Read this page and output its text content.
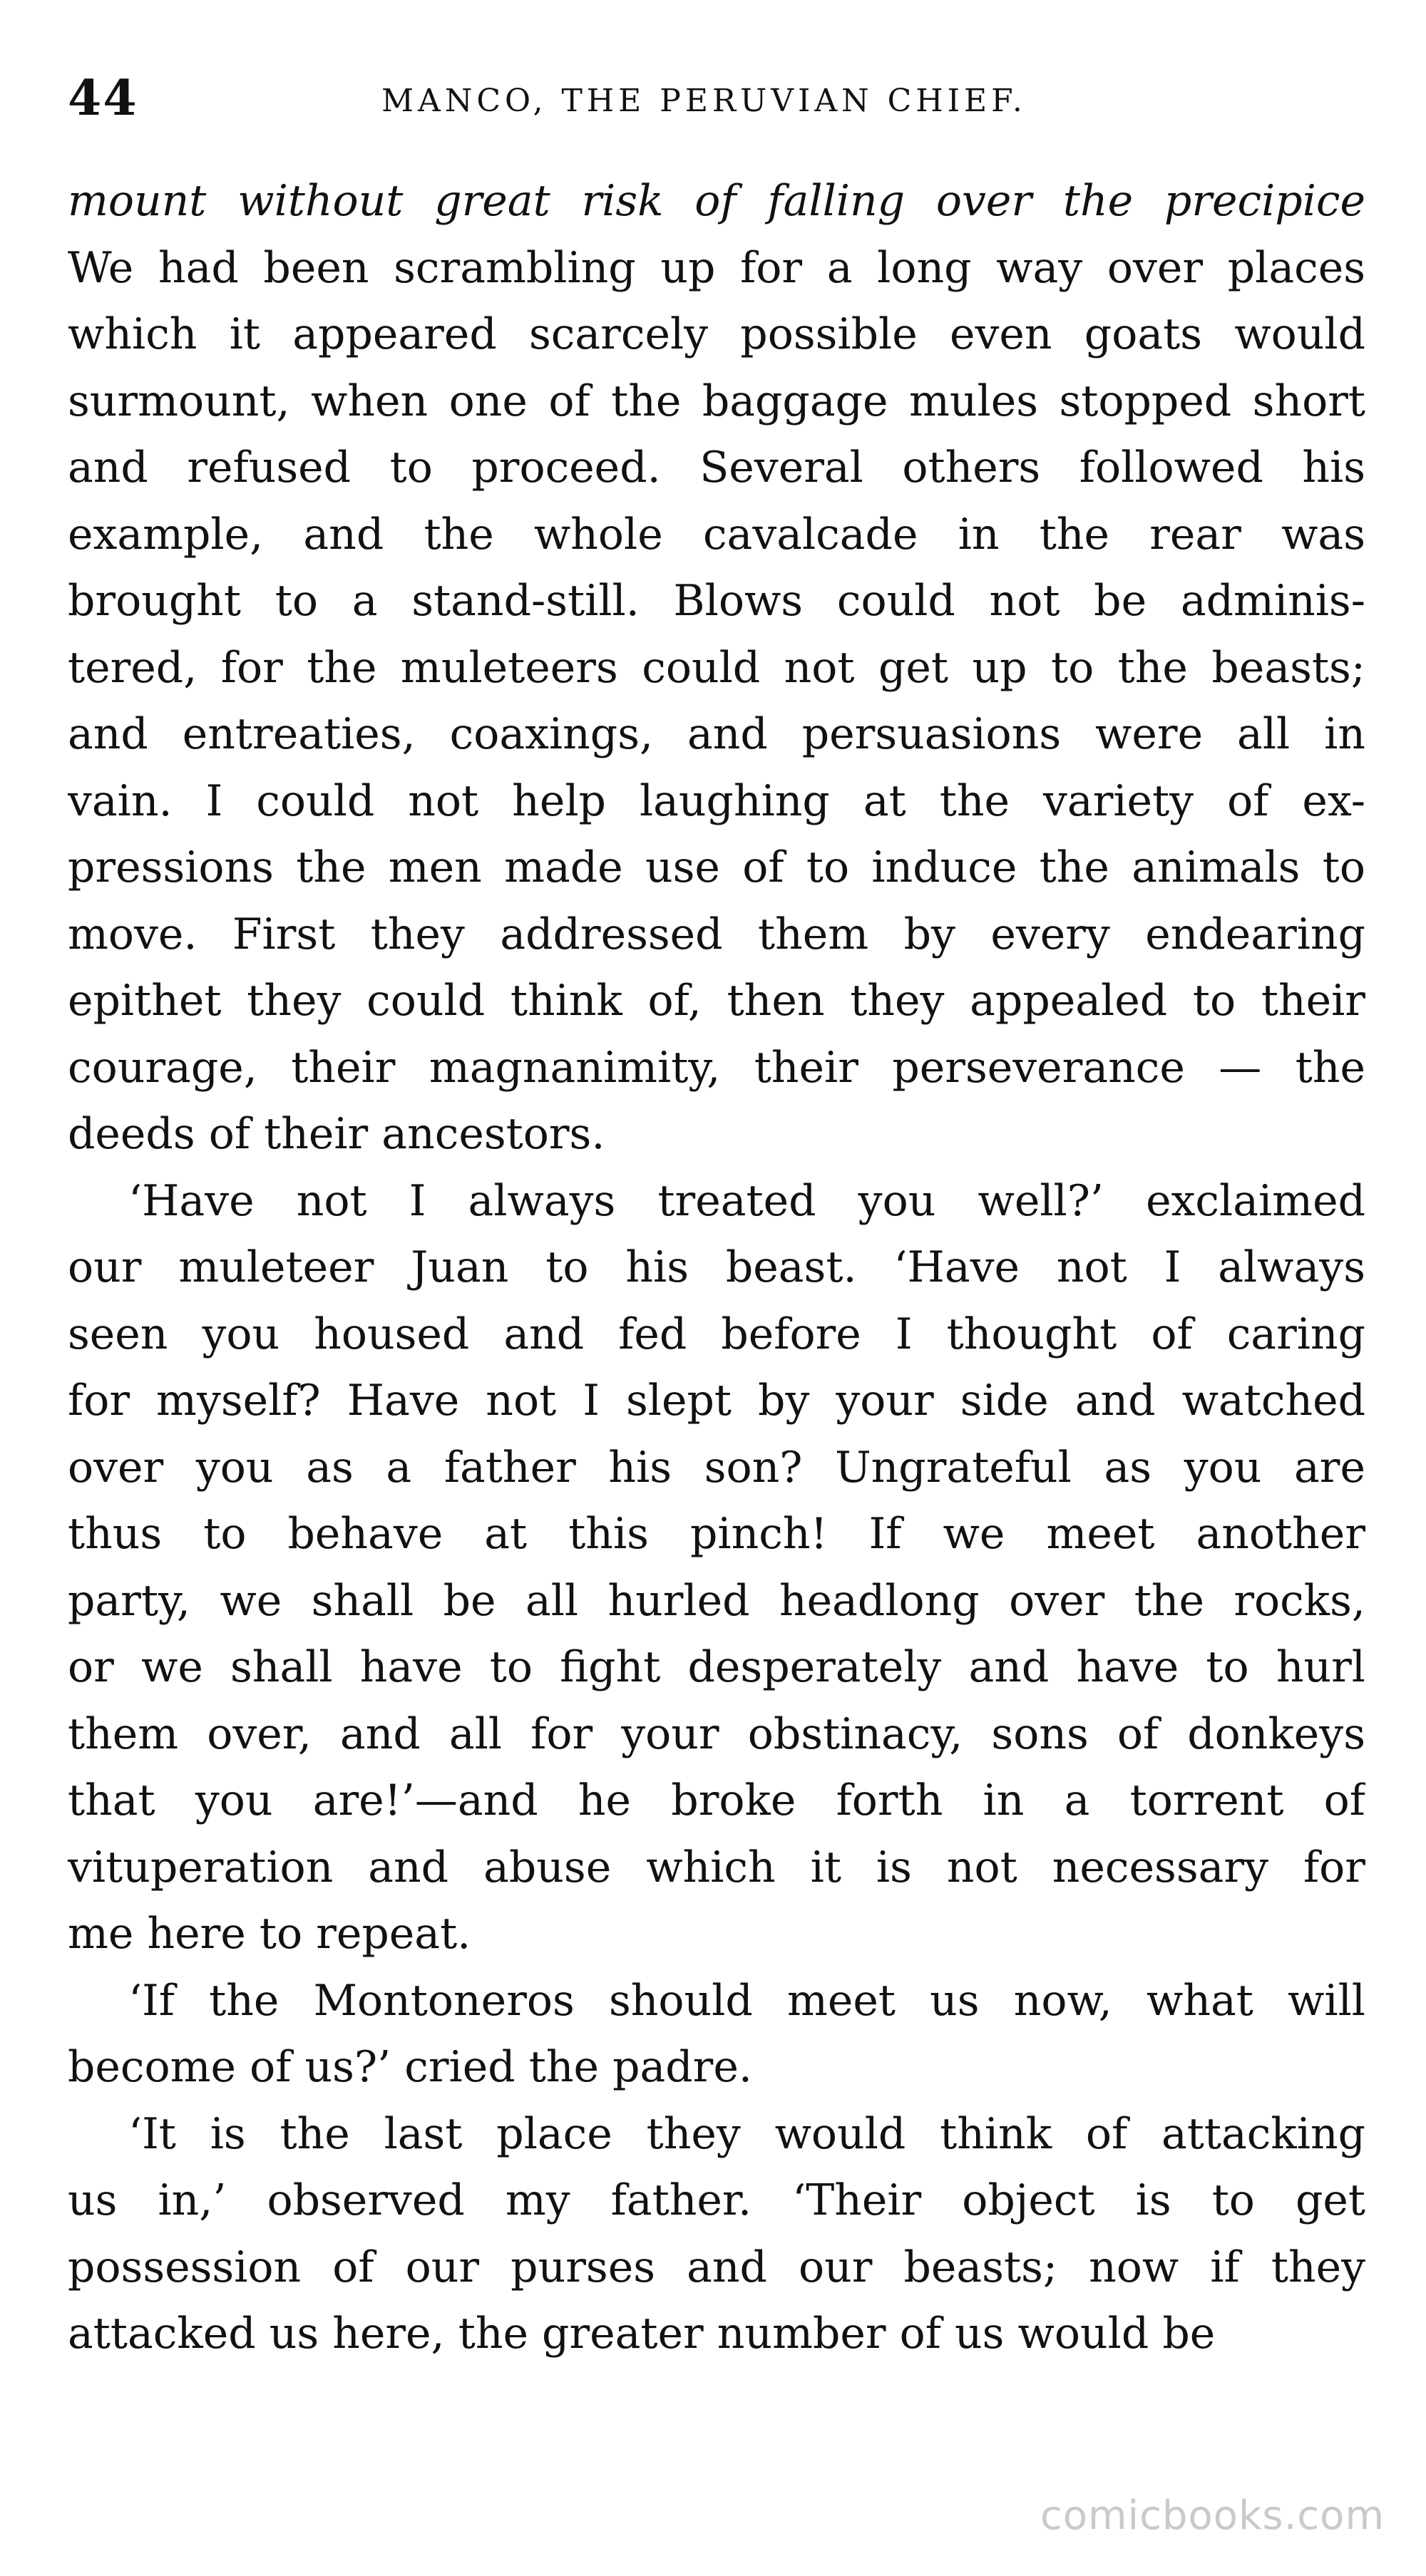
44	MANCO, THE PERUVIAN CHIEF.
mount without great risk of falling over the precipice
We had been scrambling up for a long way over places
which it appeared scarcely possible even goats would
surmount, when one of the baggage mules stopped short
and refused to proceed. Several others followed his
example, and the whole cavalcade in the rear was
brought to a stand-still. Blows could not be adminis-
tered, for the muleteers could not get up to the beasts;
and entreaties, coaxings, and persuasions were all in
vain. I could not help laughing at the variety of ex-
pressions the men made use of to induce the animals to
move. First they addressed them by every endearing
epithet they could think of, then they appealed to their
courage, their magnanimity, their perseverance — the
deeds of their ancestors.
‘Have not I always treated you well?’ exclaimed
our muleteer Juan to his beast. ‘Have not I always
seen you housed and fed before I thought of caring
for myself? Have not I slept by your side and watched
over you as a father his son? Ungrateful as you are
thus to behave at this pinch! If we meet another
party, we shall be all hurled headlong over the rocks,
or we shall have to fight desperately and have to hurl
them over, and all for your obstinacy, sons of donkeys
that you are!’—and he broke forth in a torrent of
vituperation and abuse which it is not necessary for
me here to repeat.
‘If the Montoneros should meet us now, what will
become of us?’ cried the padre.
‘It is the last place they would think of attacking
us in,’ observed my father. ‘Their object is to get
possession of our purses and our beasts; now if they
attacked us here, the greater number of us would be
comicbooks.com
